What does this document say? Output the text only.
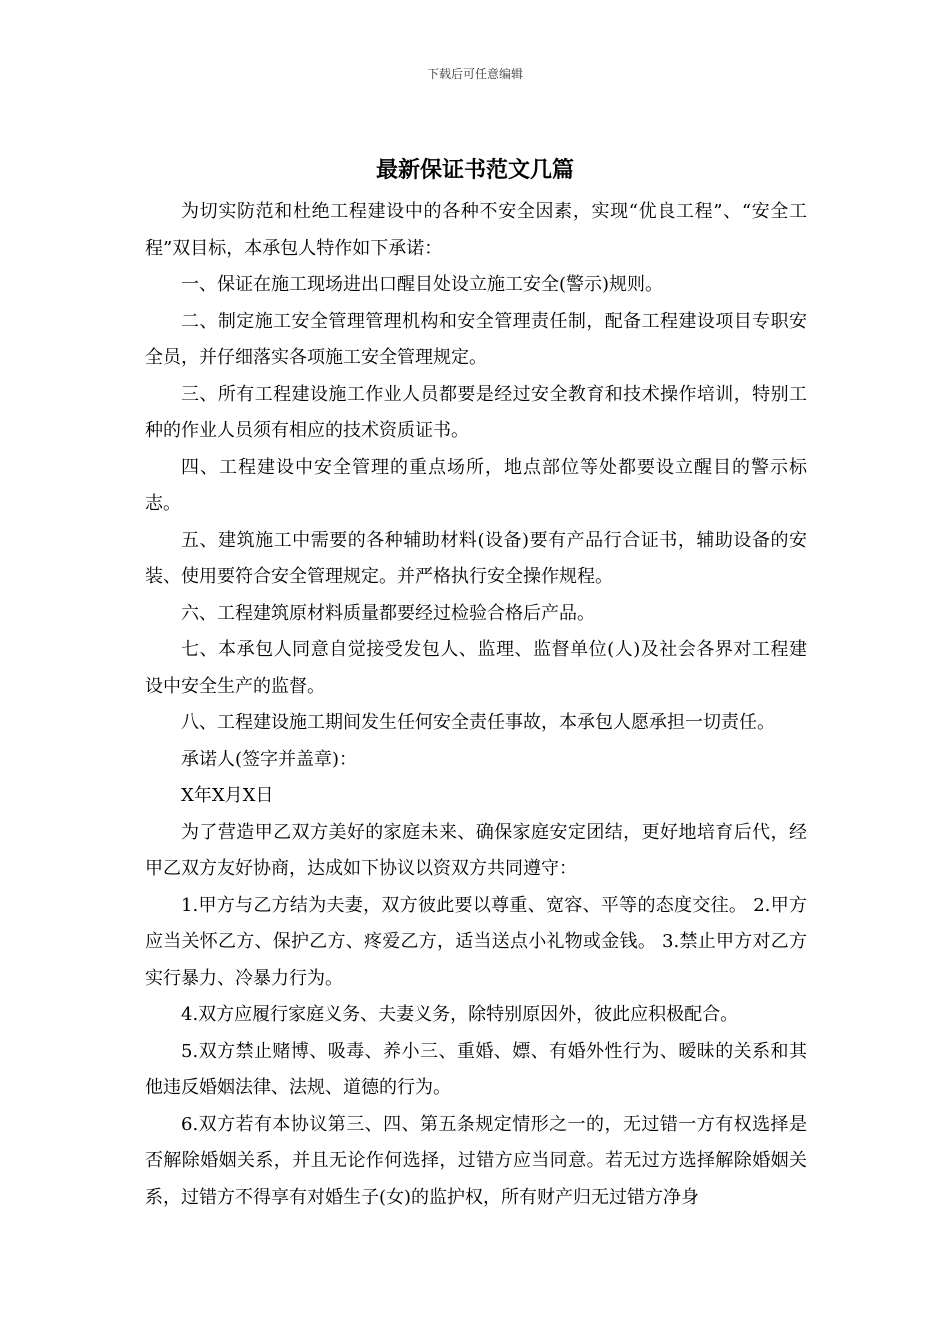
下载后可任意编辑
最新保证书范文几篇

为切实防范和杜绝工程建设中的各种不安全因素，实现“优良工程”、“安全工程”双目标，本承包人特作如下承诺：

一、保证在施工现场进出口醒目处设立施工安全(警示)规则。

二、制定施工安全管理管理机构和安全管理责任制，配备工程建设项目专职安全员，并仔细落实各项施工安全管理规定。

三、所有工程建设施工作业人员都要是经过安全教育和技术操作培训，特别工种的作业人员须有相应的技术资质证书。

四、工程建设中安全管理的重点场所，地点部位等处都要设立醒目的警示标志。

五、建筑施工中需要的各种辅助材料(设备)要有产品行合证书，辅助设备的安装、使用要符合安全管理规定。并严格执行安全操作规程。

六、工程建筑原材料质量都要经过检验合格后产品。

七、本承包人同意自觉接受发包人、监理、监督单位(人)及社会各界对工程建设中安全生产的监督。

八、工程建设施工期间发生任何安全责任事故，本承包人愿承担一切责任。

承诺人(签字并盖章)：

X年X月X日

为了营造甲乙双方美好的家庭未来、确保家庭安定团结，更好地培育后代，经甲乙双方友好协商，达成如下协议以资双方共同遵守：

1.甲方与乙方结为夫妻，双方彼此要以尊重、宽容、平等的态度交往。 2.甲方应当关怀乙方、保护乙方、疼爱乙方，适当送点小礼物或金钱。 3.禁止甲方对乙方实行暴力、冷暴力行为。

4.双方应履行家庭义务、夫妻义务，除特别原因外，彼此应积极配合。

5.双方禁止赌博、吸毒、养小三、重婚、嫖、有婚外性行为、暧昧的关系和其他违反婚姻法律、法规、道德的行为。

6.双方若有本协议第三、四、第五条规定情形之一的，无过错一方有权选择是否解除婚姻关系，并且无论作何选择，过错方应当同意。若无过方选择解除婚姻关系，过错方不得享有对婚生子(女)的监护权，所有财产归无过错方净身
